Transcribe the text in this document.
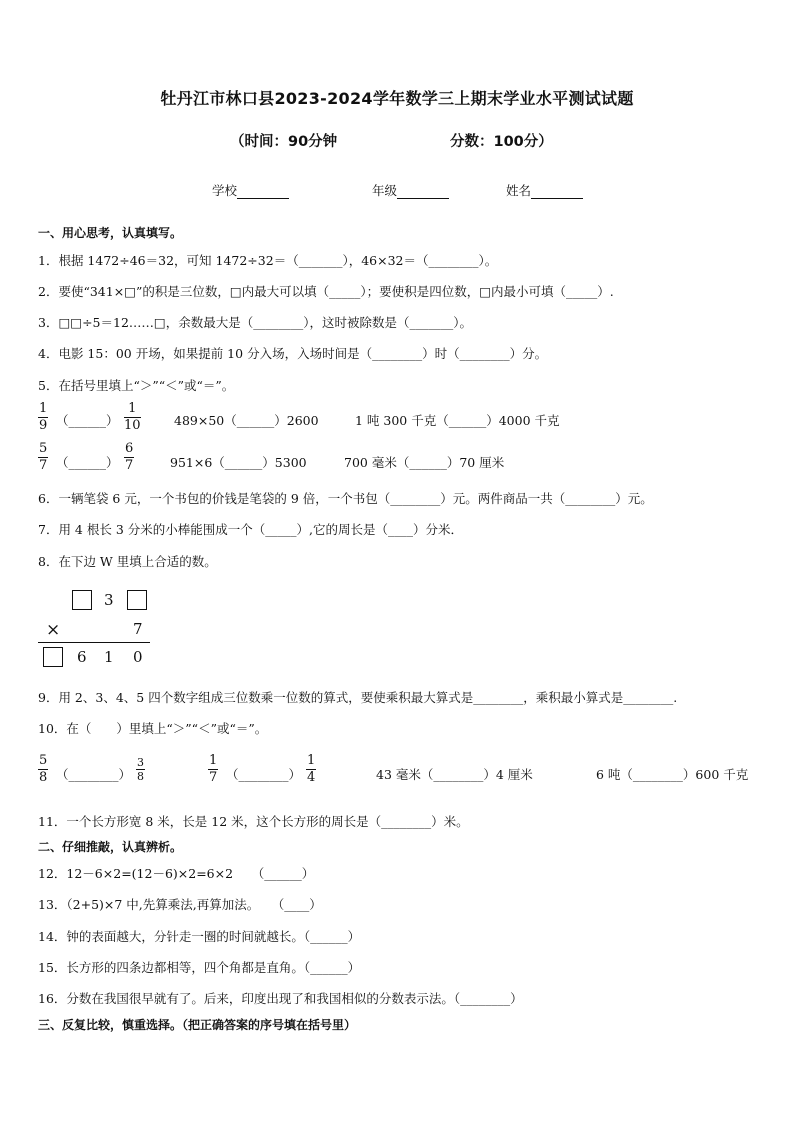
牡丹江市林口县2023-2024学年数学三上期末学业水平测试试题
（时间：90分钟	分数：100分）
学校	年级	姓名
一、用心思考，认真填写。
1．根据 1472÷46＝32，可知 1472÷32＝（_______），46×32＝（________）。
2．要使“341×□”的积是三位数，□内最大可以填（_____）；要使积是四位数，□内最小可填（_____）.
3．□□÷5＝12……□，余数最大是（________），这时被除数是（_______）。
4．电影 15：00 开场，如果提前 10 分入场，入场时间是（________）时（________）分。
5．在括号里填上“＞”“＜”或“＝”。
$\frac{1}{9}$ （______） $\frac{1}{10}$	489×50（______）2600	1 吨 300 千克（______）4000 千克
$\frac{5}{7}$ （______） $\frac{6}{7}$	951×6（______）5300	700 毫米（______）70 厘米
6．一辆笔袋 6 元，一个书包的价钱是笔袋的 9 倍，一个书包（________）元。两件商品一共（________）元。
7．用 4 根长 3 分米的小棒能围成一个（_____）,它的周长是（____）分米．
8．在下边 W 里填上合适的数。
3
×	7
6 1 0
9．用 2、3、4、5 四个数字组成三位数乘一位数的算式，要使乘积最大算式是________，乘积最小算式是________.
10．在（　　）里填上“＞”“＜”或“＝”。
$\frac{5}{8}$ （________） $\frac{3}{8}$	$\frac{1}{7}$ （________） $\frac{1}{4}$	43 毫米（________）4 厘米	6 吨（________）600 千克
11．一个长方形宽 8 米，长是 12 米，这个长方形的周长是（________）米。
二、仔细推敲，认真辨析。
12．12－6×2=(12－6)×2=6×2　　（______）
13．（2+5)×7 中,先算乘法,再算加法。　　（____）
14．钟的表面越大，分针走一圈的时间就越长。（______）
15．长方形的四条边都相等，四个角都是直角。（______）
16．分数在我国很早就有了。后来，印度出现了和我国相似的分数表示法。（________）
三、反复比较，慎重选择。（把正确答案的序号填在括号里）
